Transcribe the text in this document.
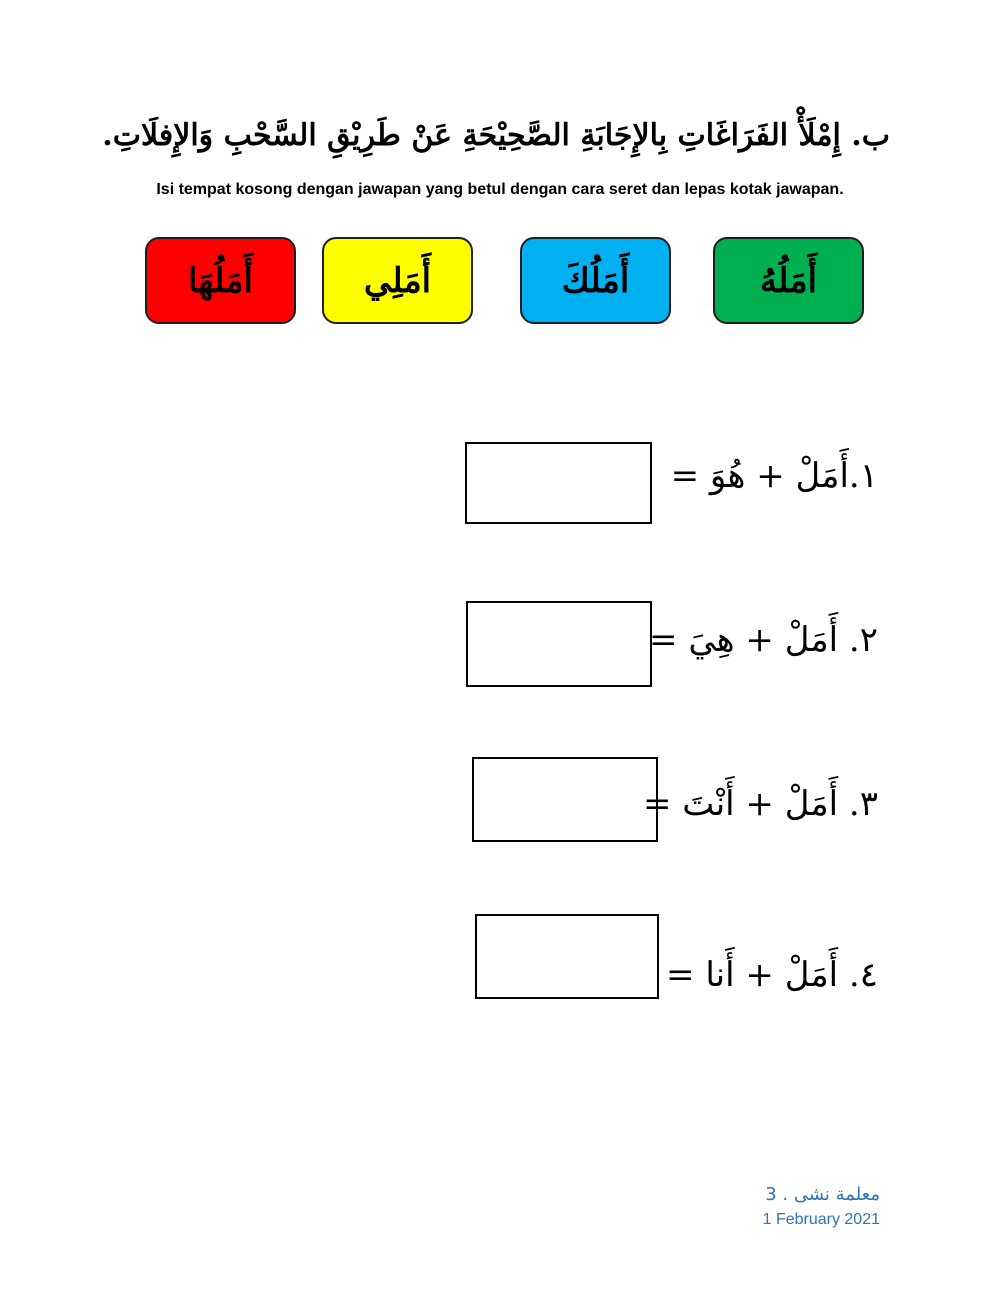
ب. إِمْلَأْ الفَرَاغَاتِ بِالإِجَابَةِ الصَّحِيْحَةِ عَنْ طَرِيْقِ السَّحْبِ وَالإِفلَاتِ.
Isi tempat kosong dengan jawapan yang betul dengan cara seret dan lepas kotak jawapan.
أَمَلُهُ
أَمَلُكَ
أَمَلِي
أَمَلُهَا
١.أَمَلْ + هُوَ =
٢. أَمَلْ + هِيَ =
٣. أَمَلْ + أَنْتَ =
٤. أَمَلْ + أَنا =
3 . معلمة نشى
1 February 2021
